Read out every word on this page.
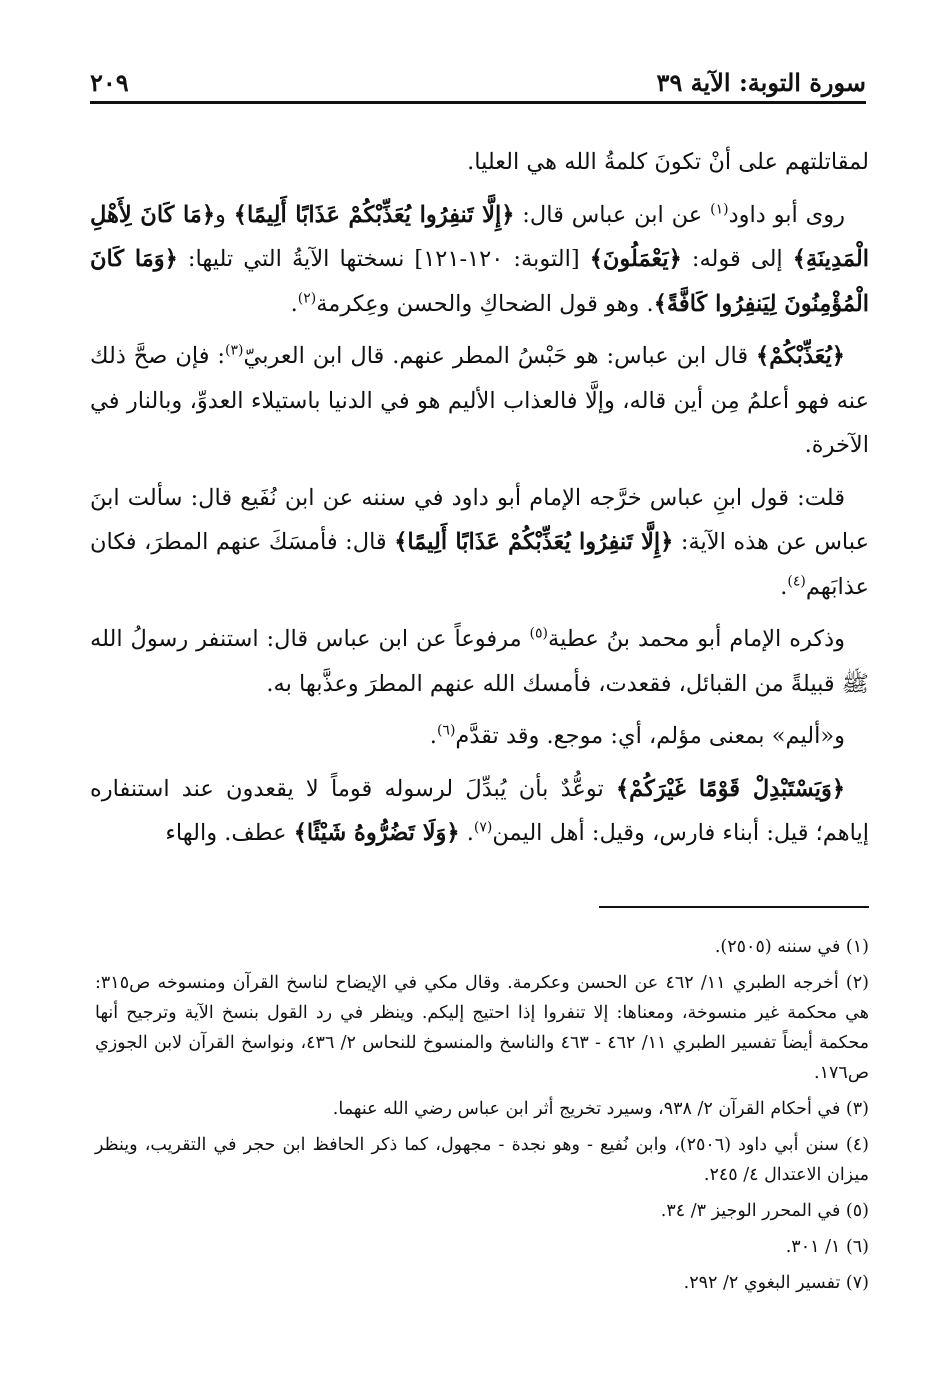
سورة التوبة: الآية ٣٩
٢٠٩

لمقاتلتهم على أنْ تكونَ كلمةُ الله هي العليا.

روى أبو داود$^{(١)}$ عن ابن عباس قال: ﴿إِلَّا تَنفِرُوا يُعَذِّبْكُمْ عَذَابًا أَلِيمًا﴾ و﴿مَا كَانَ لِأَهْلِ الْمَدِينَةِ﴾ إلى قوله: ﴿يَعْمَلُونَ﴾ [التوبة: ١٢٠-١٢١] نسختها الآيةُ التي تليها: ﴿وَمَا كَانَ الْمُؤْمِنُونَ لِيَنفِرُوا كَافَّةً﴾. وهو قول الضحاكِ والحسن وعِكرمة$^{(٢)}$.

﴿يُعَذِّبْكُمْ﴾ قال ابن عباس: هو حَبْسُ المطر عنهم. قال ابن العربيّ$^{(٣)}$: فإن صحَّ ذلك عنه فهو أعلمُ مِن أين قاله، وإلَّا فالعذاب الأليم هو في الدنيا باستيلاء العدوِّ، وبالنار في الآخرة.

قلت: قول ابنِ عباس خرَّجه الإمام أبو داود في سننه عن ابن نُفَيع قال: سألت ابنَ عباس عن هذه الآية: ﴿إِلَّا تَنفِرُوا يُعَذِّبْكُمْ عَذَابًا أَلِيمًا﴾ قال: فأمسَكَ عنهم المطرَ، فكان عذابَهم$^{(٤)}$.

وذكره الإمام أبو محمد بنُ عطية$^{(٥)}$ مرفوعاً عن ابن عباس قال: استنفر رسولُ الله ﷺ قبيلةً من القبائل، فقعدت، فأمسك الله عنهم المطرَ وعذَّبها به.

و«أليم» بمعنى مؤلم، أي: موجع. وقد تقدَّم$^{(٦)}$.

﴿وَيَسْتَبْدِلْ قَوْمًا غَيْرَكُمْ﴾ توعُّدٌ بأن يُبدِّلَ لرسوله قوماً لا يقعدون عند استنفاره إياهم؛ قيل: أبناء فارس، وقيل: أهل اليمن$^{(٧)}$. ﴿وَلَا تَضُرُّوهُ شَيْئًا﴾ عطف. والهاء

(١) في سننه (٢٥٠٥).

(٢) أخرجه الطبري ١١/ ٤٦٢ عن الحسن وعكرمة. وقال مكي في الإيضاح لناسخ القرآن ومنسوخه ص٣١٥: هي محكمة غير منسوخة، ومعناها: إلا تنفروا إذا احتيج إليكم. وينظر في رد القول بنسخ الآية وترجيح أنها محكمة أيضاً تفسير الطبري ١١/ ٤٦٢ - ٤٦٣ والناسخ والمنسوخ للنحاس ٢/ ٤٣٦، ونواسخ القرآن لابن الجوزي ص١٧٦.

(٣) في أحكام القرآن ٢/ ٩٣٨، وسيرد تخريج أثر ابن عباس رضي الله عنهما.

(٤) سنن أبي داود (٢٥٠٦)، وابن نُفيع - وهو نجدة - مجهول، كما ذكر الحافظ ابن حجر في التقريب، وينظر ميزان الاعتدال ٤/ ٢٤٥.

(٥) في المحرر الوجيز ٣/ ٣٤.

(٦) ١/ ٣٠١.

(٧) تفسير البغوي ٢/ ٢٩٢.
